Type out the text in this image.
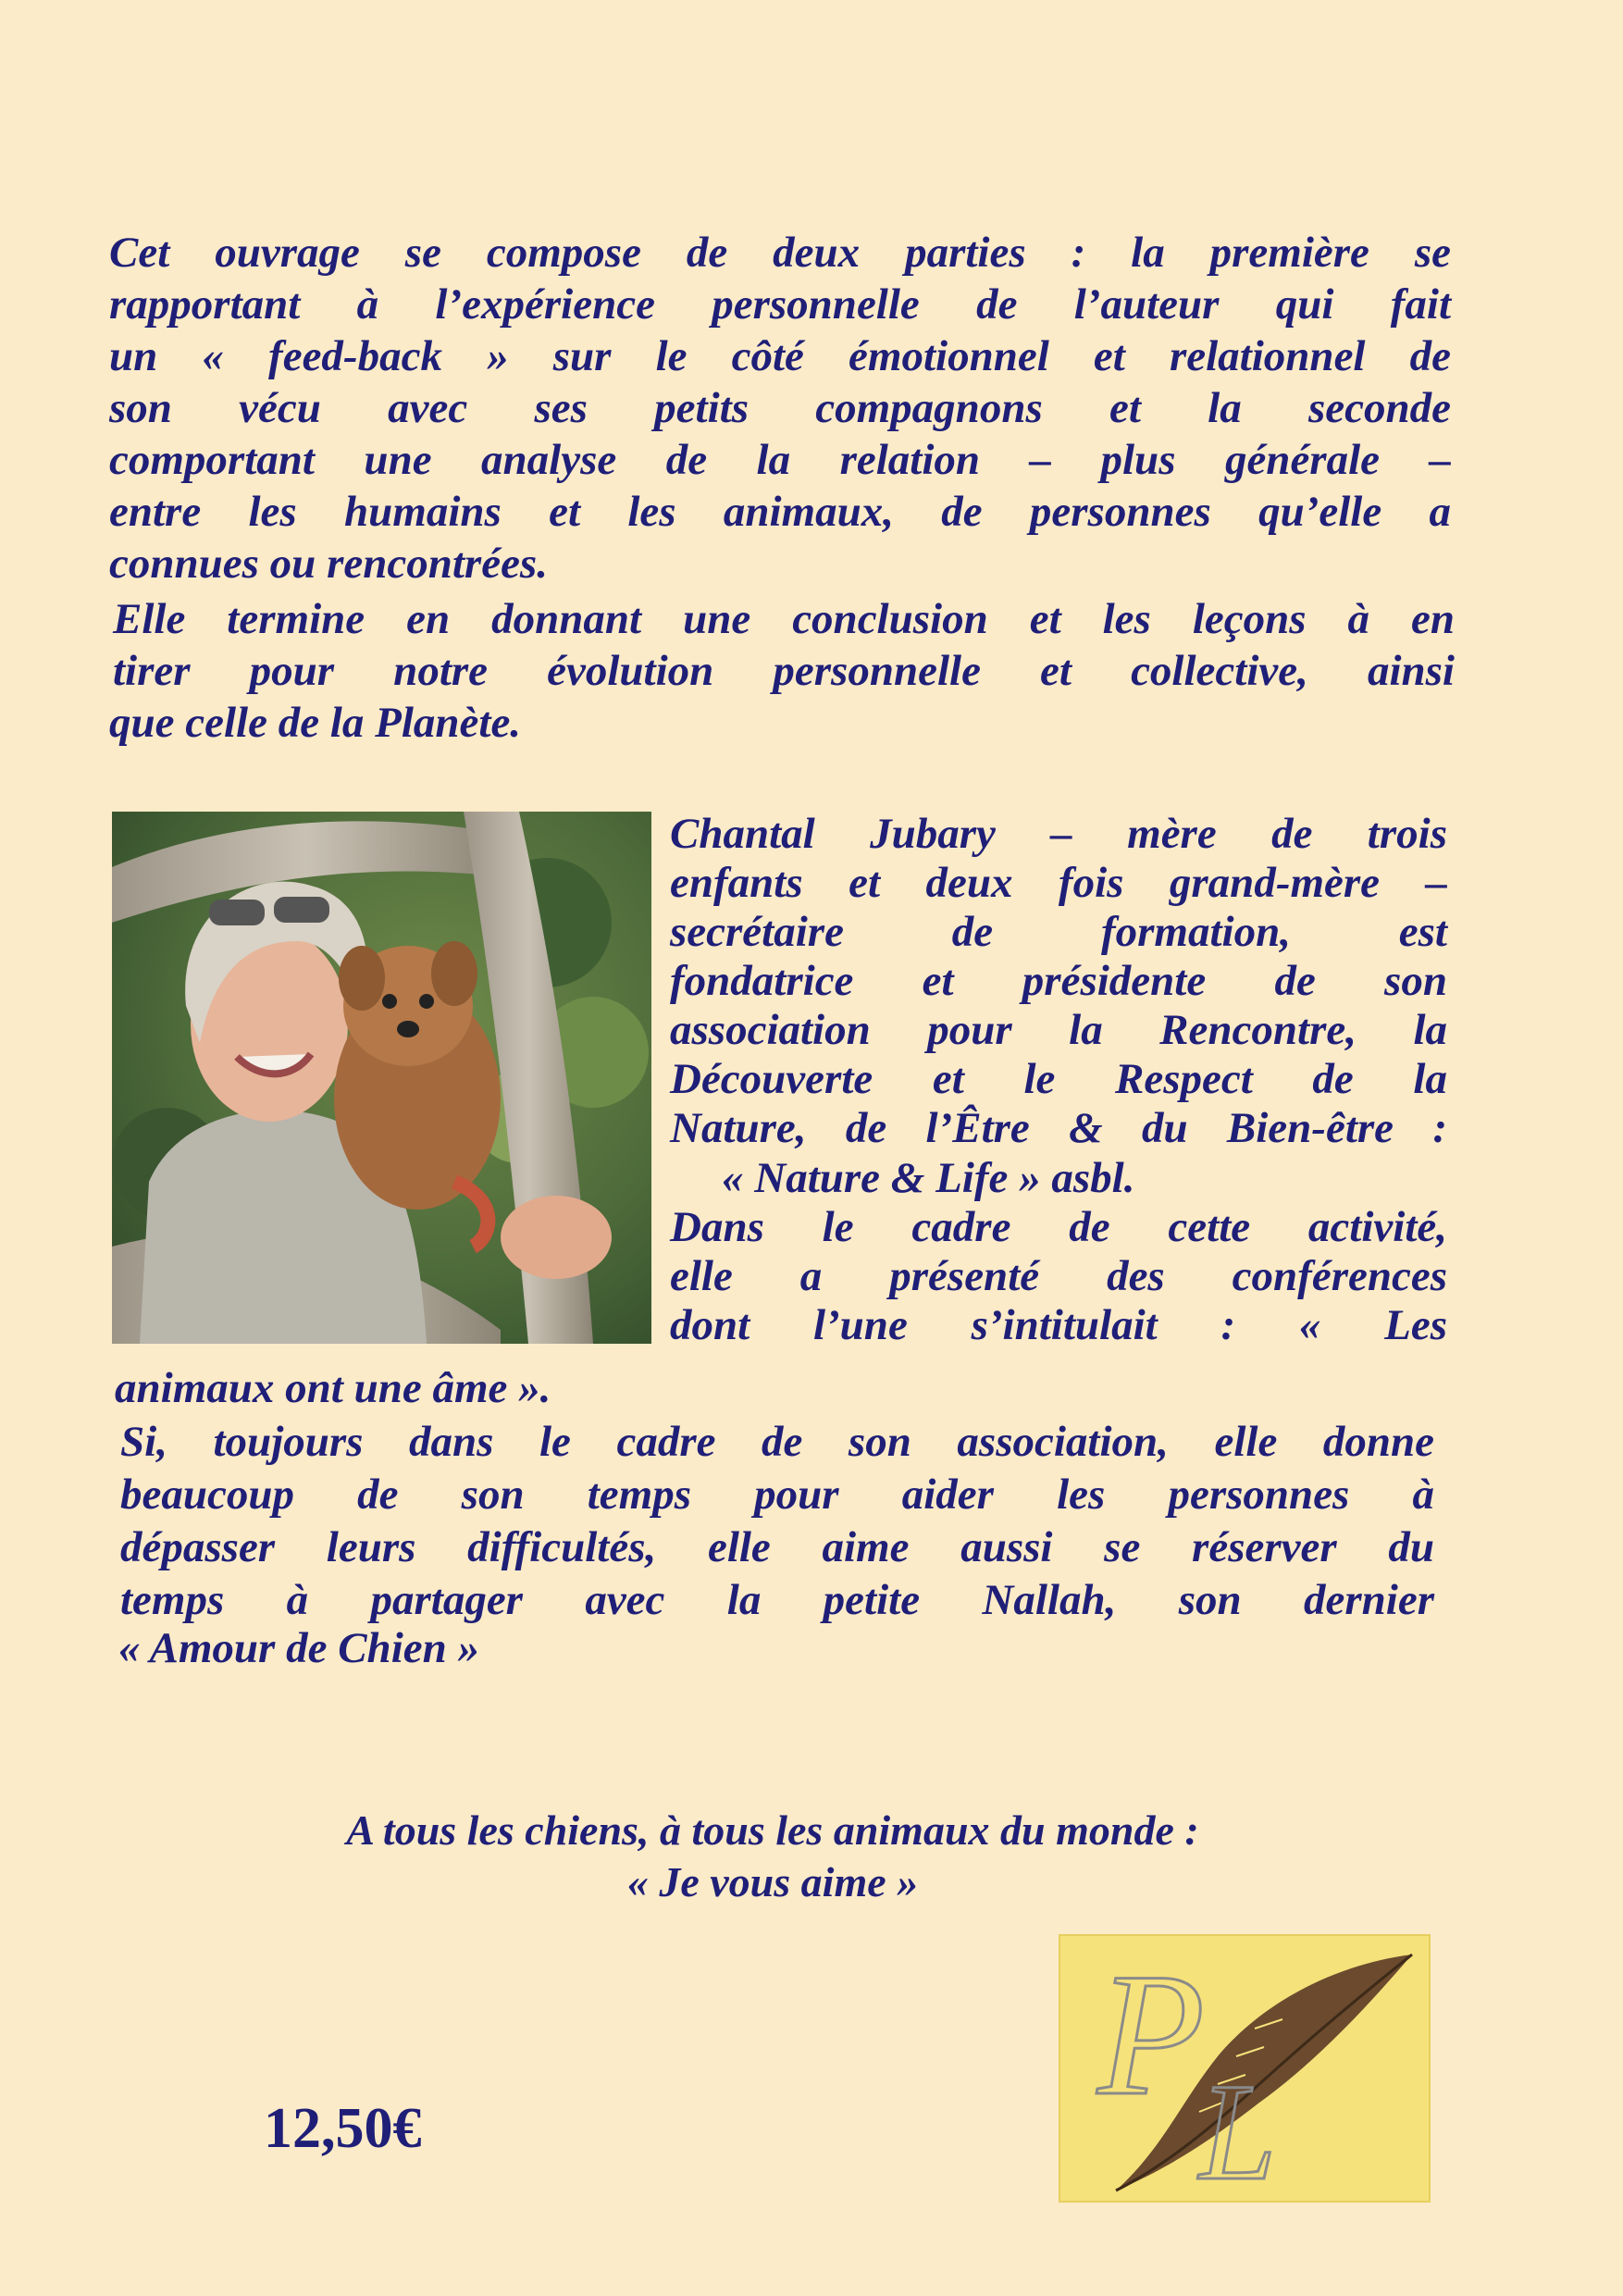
Cet ouvrage se compose de deux parties : la première se
rapportant à l’expérience personnelle de l’auteur qui fait
un « feed-back » sur le côté émotionnel et relationnel de
son vécu avec ses petits compagnons et la seconde
comportant une analyse de la relation – plus générale –
entre les humains et les animaux, de personnes qu’elle a
connues ou rencontrées.
Elle termine en donnant une conclusion et les leçons à en
tirer pour notre évolution personnelle et collective, ainsi
que celle de la Planète.
Chantal Jubary – mère de trois
enfants et deux fois grand-mère –
secrétaire de formation, est
fondatrice et présidente de son
association pour la Rencontre, la
Découverte et le Respect de la
Nature, de l’Être & du Bien-être :
« Nature & Life » asbl.
Dans le cadre de cette activité,
elle a présenté des conférences
dont l’une s’intitulait : « Les
animaux ont une âme ».
Si, toujours dans le cadre de son association, elle donne
beaucoup de son temps pour aider les personnes à
dépasser leurs difficultés, elle aime aussi se réserver du
temps à partager avec la petite Nallah, son dernier
« Amour de Chien »
A tous les chiens, à tous les animaux du monde :
« Je vous aime »
12,50€	P
L
